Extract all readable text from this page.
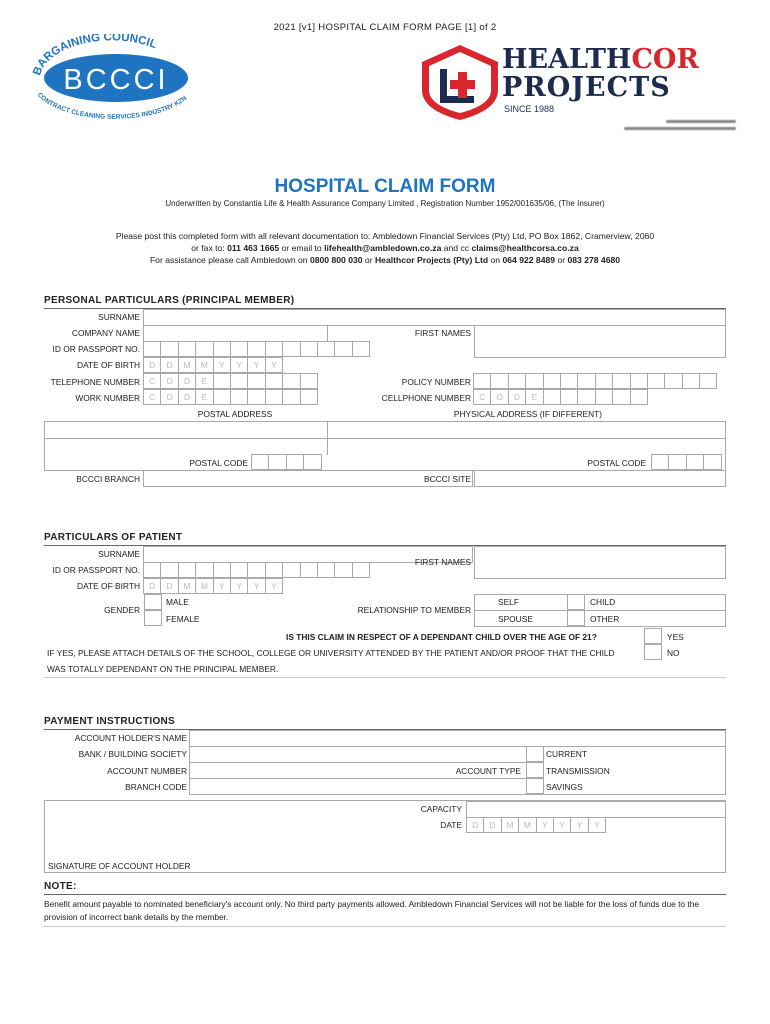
2021 [v1] HOSPITAL CLAIM FORM PAGE [1] of 2
BARGAINING COUNCIL
BCCCI
CONTRACT CLEANING SERVICES INDUSTRY KZN
HEALTHCOR
PROJECTS
SINCE 1988
HOSPITAL CLAIM FORM
Underwritten by Constantia Life & Health Assurance Company Limited , Registration Number 1952/001635/06, (The Insurer)
Please post this completed form with all relevant documentation to: Ambledown Financial Services (Pty) Ltd, PO Box 1862, Cramerview, 2060
or fax to: 011 463 1665 or email to lifehealth@ambledown.co.za and cc claims@healthcorsa.co.za
For assistance please call Ambledown on 0800 800 030 or Healthcor Projects (Pty) Ltd on 064 922 8489 or 083 278 4680
PERSONAL PARTICULARS (PRINCIPAL MEMBER)
SURNAME
COMPANY NAME	FIRST NAMES
ID OR PASSPORT NO.
DATE OF BIRTH	D	D	M	M	Y	Y	Y	Y
TELEPHONE NUMBER	C	O	D	E	POLICY NUMBER
WORK NUMBER	C	O	D	E	CELLPHONE NUMBER C	O	D	E
POSTAL ADDRESS	PHYSICAL ADDRESS (IF DIFFERENT)
POSTAL CODE	POSTAL CODE
BCCCI BRANCH	BCCCI SITE
PARTICULARS OF PATIENT
SURNAME
FIRST NAMES
ID OR PASSPORT NO.
DATE OF BIRTH	D	D	M	M	Y	Y	Y	Y
GENDER
MALE
FEMALE
RELATIONSHIP TO MEMBER
SELF	CHILD
SPOUSE	OTHER
IS THIS CLAIM IN RESPECT OF A DEPENDANT CHILD OVER THE AGE OF 21?	YES
NO
IF YES, PLEASE ATTACH DETAILS OF THE SCHOOL, COLLEGE OR UNIVERSITY ATTENDED BY THE PATIENT AND/OR PROOF THAT THE CHILD
WAS TOTALLY DEPENDANT ON THE PRINCIPAL MEMBER.
PAYMENT INSTRUCTIONS
ACCOUNT HOLDER'S NAME
BANK / BUILDING SOCIETY
ACCOUNT NUMBER
BRANCH CODE
ACCOUNT TYPE
CURRENT
TRANSMISSION
SAVINGS
CAPACITY
DATE	D	D	M	M	Y	Y	Y	Y
SIGNATURE OF ACCOUNT HOLDER
NOTE:
Benefit amount payable to nominated beneficiary's account only. No third party payments allowed. Ambledown Financial Services will not be liable for the loss of funds due to the provision of incorrect bank details by the member.
